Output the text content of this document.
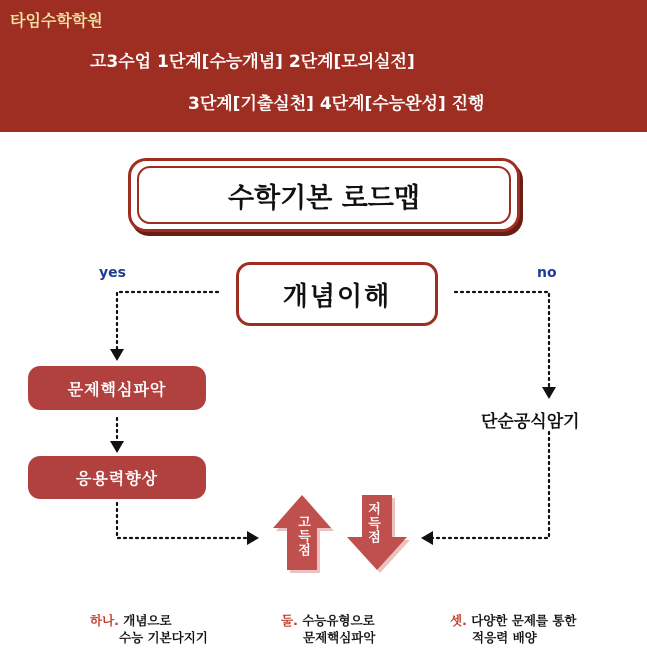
타임수학학원
고3수업 1단계[수능개념] 2단계[모의실전]
3단계[기출실천] 4단계[수능완성] 진행
수학기본 로드맵
개념이해
yes	no
문제핵심파악
응용력향상
단순공식암기
고득점	저득점
하나. 개념으로
수능 기본다지기
둘. 수능유형으로
문제핵심파악
셋. 다양한 문제를 통한
적응력 배양
